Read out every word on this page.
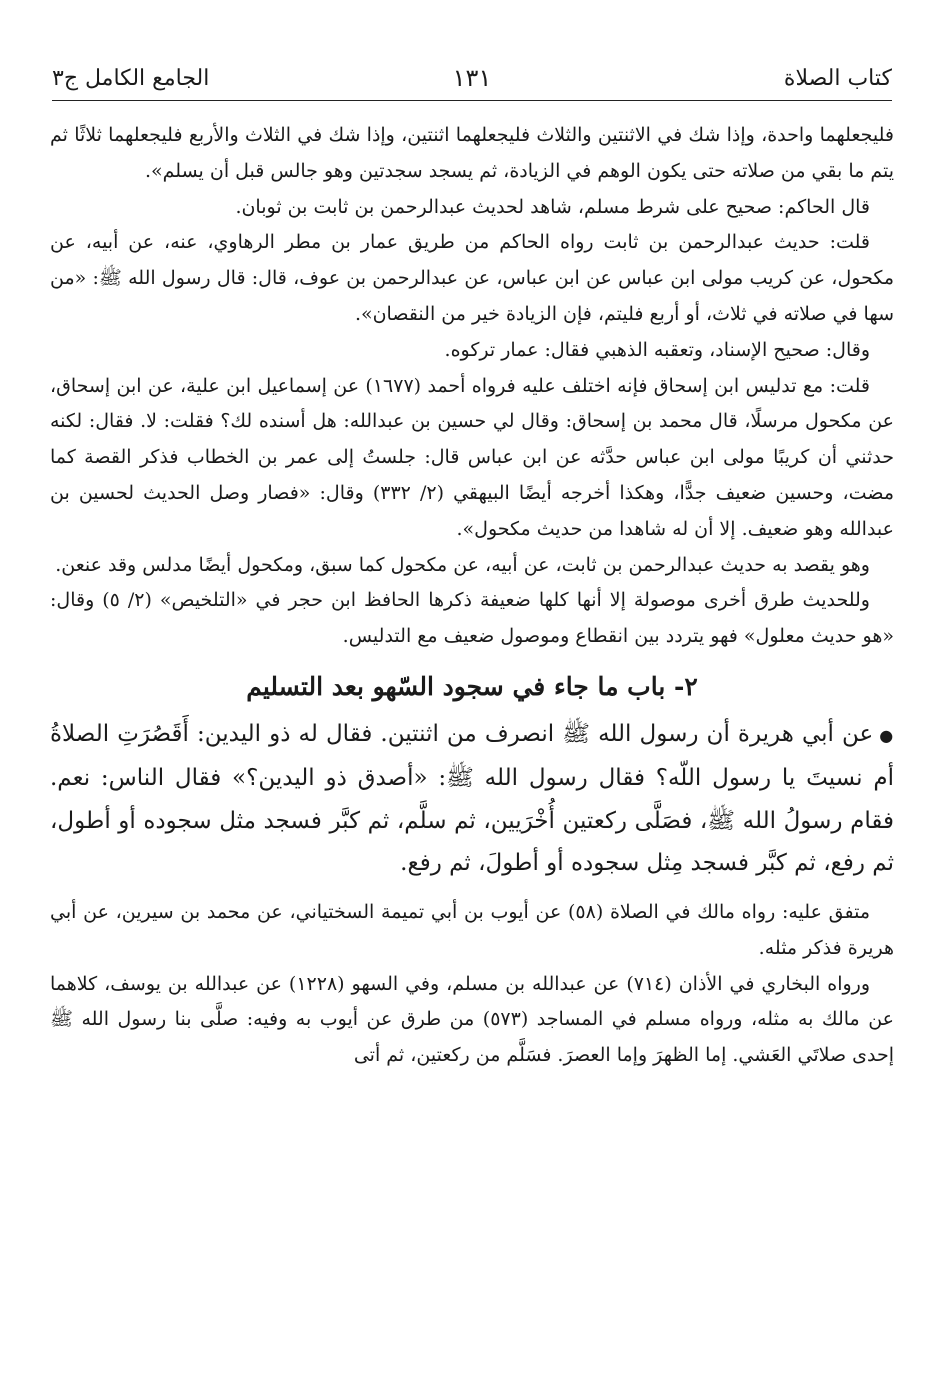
كتاب الصلاة
١٣١
الجامع الكامل ج٣

فليجعلهما واحدة، وإذا شك في الاثنتين والثلاث فليجعلهما اثنتين، وإذا شك في الثلاث والأربع فليجعلهما ثلاثًا ثم يتم ما بقي من صلاته حتى يكون الوهم في الزيادة، ثم يسجد سجدتين وهو جالس قبل أن يسلم».

قال الحاكم: صحيح على شرط مسلم، شاهد لحديث عبدالرحمن بن ثابت بن ثوبان.

قلت: حديث عبدالرحمن بن ثابت رواه الحاكم من طريق عمار بن مطر الرهاوي، عنه، عن أبيه، عن مكحول، عن كريب مولى ابن عباس عن ابن عباس، عن عبدالرحمن بن عوف، قال: قال رسول الله ﷺ: «من سها في صلاته في ثلاث، أو أربع فليتم، فإن الزيادة خير من النقصان».

وقال: صحيح الإسناد، وتعقبه الذهبي فقال: عمار تركوه.

قلت: مع تدليس ابن إسحاق فإنه اختلف عليه فرواه أحمد (١٦٧٧) عن إسماعيل ابن علية، عن ابن إسحاق، عن مكحول مرسلًا، قال محمد بن إسحاق: وقال لي حسين بن عبدالله: هل أسنده لك؟ فقلت: لا. فقال: لكنه حدثني أن كريبًا مولى ابن عباس حدَّثه عن ابن عباس قال: جلستُ إلى عمر بن الخطاب فذكر القصة كما مضت، وحسين ضعيف جدًّا، وهكذا أخرجه أيضًا البيهقي (٢/ ٣٣٢) وقال: «فصار وصل الحديث لحسين بن عبدالله وهو ضعيف. إلا أن له شاهدا من حديث مكحول».

وهو يقصد به حديث عبدالرحمن بن ثابت، عن أبيه، عن مكحول كما سبق، ومكحول أيضًا مدلس وقد عنعن.

وللحديث طرق أخرى موصولة إلا أنها كلها ضعيفة ذكرها الحافظ ابن حجر في «التلخيص» (٢/ ٥) وقال: «هو حديث معلول» فهو يتردد بين انقطاع وموصول ضعيف مع التدليس.

٢- باب ما جاء في سجود السّهو بعد التسليم

●عن أبي هريرة أن رسول الله ﷺ انصرف من اثنتين. فقال له ذو اليدين: أَقَصُرَتِ الصلاةُ أم نسيتَ يا رسول اللّه؟ فقال رسول الله ﷺ: «أصدق ذو اليدين؟» فقال الناس: نعم. فقام رسولُ الله ﷺ، فصَلَّى ركعتين أُخْرَيين، ثم سلَّم، ثم كبَّر فسجد مثل سجوده أو أطول، ثم رفع، ثم كبَّر فسجد مِثل سجوده أو أطولَ، ثم رفع.

متفق عليه: رواه مالك في الصلاة (٥٨) عن أيوب بن أبي تميمة السختياني، عن محمد بن سيرين، عن أبي هريرة فذكر مثله.

ورواه البخاري في الأذان (٧١٤) عن عبدالله بن مسلم، وفي السهو (١٢٢٨) عن عبدالله بن يوسف، كلاهما عن مالك به مثله، ورواه مسلم في المساجد (٥٧٣) من طرق عن أيوب به وفيه: صلَّى بنا رسول الله ﷺ إحدى صلاتَي العَشي. إما الظهرَ وإما العصرَ. فسَلَّم من ركعتين، ثم أتى
